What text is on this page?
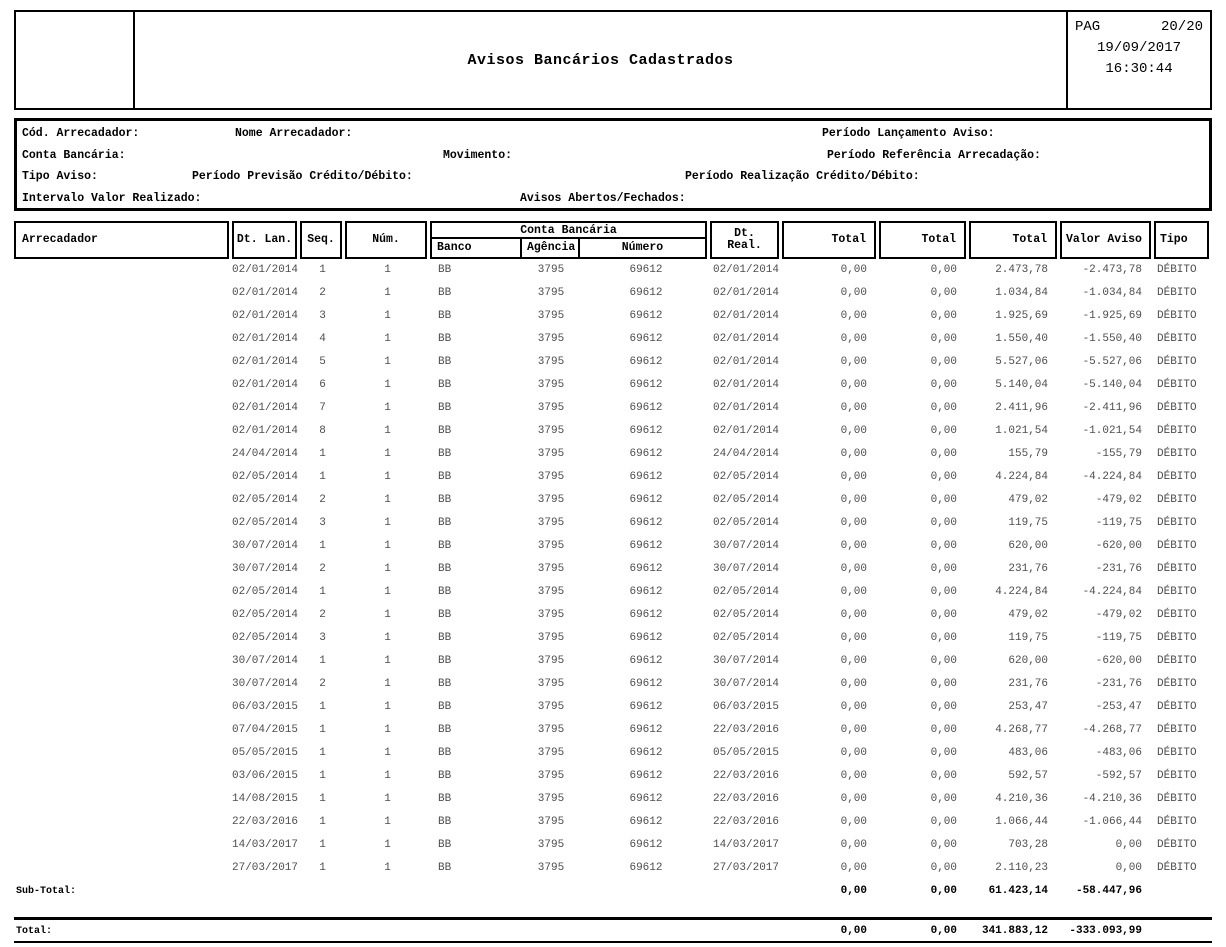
Avisos Bancários Cadastrados
PAG	20/20
19/09/2017
16:30:44
Cód. Arrecadador:	Nome Arrecadador:	Período Lançamento Aviso:
Conta Bancária:	Movimento:	Período Referência Arrecadação:
Tipo Aviso:	Período Previsão Crédito/Débito:	Período Realização Crédito/Débito:
Intervalo Valor Realizado:	Avisos Abertos/Fechados:
Arrecadador	Dt. Lan.	Seq.	Núm.
Conta Bancária
Banco	Agência	Número
Dt.
Real.	Total	Total	Total	Valor Aviso	Tipo
02/01/2014	1	1	BB	3795	69612	02/01/2014	0,00	0,00	2.473,78	-2.473,78	DÉBITO
02/01/2014	2	1	BB	3795	69612	02/01/2014	0,00	0,00	1.034,84	-1.034,84	DÉBITO
02/01/2014	3	1	BB	3795	69612	02/01/2014	0,00	0,00	1.925,69	-1.925,69	DÉBITO
02/01/2014	4	1	BB	3795	69612	02/01/2014	0,00	0,00	1.550,40	-1.550,40	DÉBITO
02/01/2014	5	1	BB	3795	69612	02/01/2014	0,00	0,00	5.527,06	-5.527,06	DÉBITO
02/01/2014	6	1	BB	3795	69612	02/01/2014	0,00	0,00	5.140,04	-5.140,04	DÉBITO
02/01/2014	7	1	BB	3795	69612	02/01/2014	0,00	0,00	2.411,96	-2.411,96	DÉBITO
02/01/2014	8	1	BB	3795	69612	02/01/2014	0,00	0,00	1.021,54	-1.021,54	DÉBITO
24/04/2014	1	1	BB	3795	69612	24/04/2014	0,00	0,00	155,79	-155,79	DÉBITO
02/05/2014	1	1	BB	3795	69612	02/05/2014	0,00	0,00	4.224,84	-4.224,84	DÉBITO
02/05/2014	2	1	BB	3795	69612	02/05/2014	0,00	0,00	479,02	-479,02	DÉBITO
02/05/2014	3	1	BB	3795	69612	02/05/2014	0,00	0,00	119,75	-119,75	DÉBITO
30/07/2014	1	1	BB	3795	69612	30/07/2014	0,00	0,00	620,00	-620,00	DÉBITO
30/07/2014	2	1	BB	3795	69612	30/07/2014	0,00	0,00	231,76	-231,76	DÉBITO
02/05/2014	1	1	BB	3795	69612	02/05/2014	0,00	0,00	4.224,84	-4.224,84	DÉBITO
02/05/2014	2	1	BB	3795	69612	02/05/2014	0,00	0,00	479,02	-479,02	DÉBITO
02/05/2014	3	1	BB	3795	69612	02/05/2014	0,00	0,00	119,75	-119,75	DÉBITO
30/07/2014	1	1	BB	3795	69612	30/07/2014	0,00	0,00	620,00	-620,00	DÉBITO
30/07/2014	2	1	BB	3795	69612	30/07/2014	0,00	0,00	231,76	-231,76	DÉBITO
06/03/2015	1	1	BB	3795	69612	06/03/2015	0,00	0,00	253,47	-253,47	DÉBITO
07/04/2015	1	1	BB	3795	69612	22/03/2016	0,00	0,00	4.268,77	-4.268,77	DÉBITO
05/05/2015	1	1	BB	3795	69612	05/05/2015	0,00	0,00	483,06	-483,06	DÉBITO
03/06/2015	1	1	BB	3795	69612	22/03/2016	0,00	0,00	592,57	-592,57	DÉBITO
14/08/2015	1	1	BB	3795	69612	22/03/2016	0,00	0,00	4.210,36	-4.210,36	DÉBITO
22/03/2016	1	1	BB	3795	69612	22/03/2016	0,00	0,00	1.066,44	-1.066,44	DÉBITO
14/03/2017	1	1	BB	3795	69612	14/03/2017	0,00	0,00	703,28	0,00	DÉBITO
27/03/2017	1	1	BB	3795	69612	27/03/2017	0,00	0,00	2.110,23	0,00	DÉBITO
Sub-Total:	0,00	0,00	61.423,14	-58.447,96
Total:	0,00	0,00	341.883,12	-333.093,99
